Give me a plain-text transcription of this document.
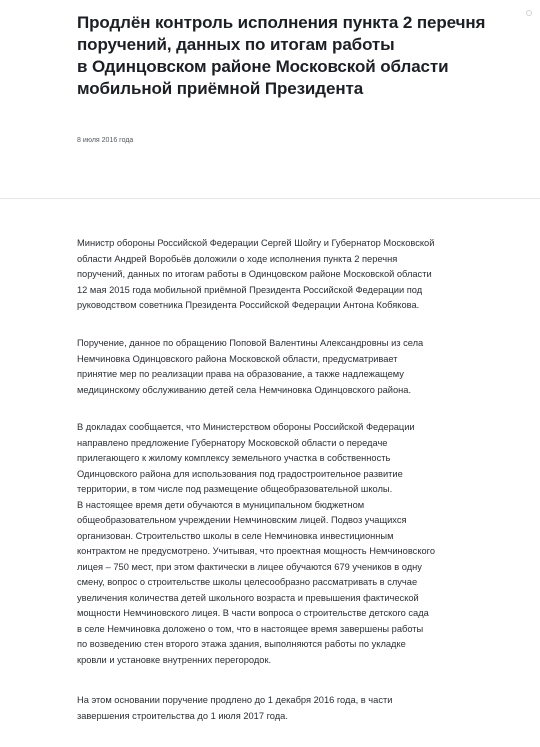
Продлён контроль исполнения пункта 2 перечня
поручений, данных по итогам работы
в Одинцовском районе Московской области
мобильной приёмной Президента
8 июля 2016 года
Министр обороны Российской Федерации Сергей Шойгу и Губернатор Московской
области Андрей Воробьёв доложили о ходе исполнения пункта 2 перечня
поручений, данных по итогам работы в Одинцовском районе Московской области
12 мая 2015 года мобильной приёмной Президента Российской Федерации под
руководством советника Президента Российской Федерации Антона Кобякова.
Поручение, данное по обращению Поповой Валентины Александровны из села
Немчиновка Одинцовского района Московской области, предусматривает
принятие мер по реализации права на образование, а также надлежащему
медицинскому обслуживанию детей села Немчиновка Одинцовского района.
В докладах сообщается, что Министерством обороны Российской Федерации
направлено предложение Губернатору Московской области о передаче
прилегающего к жилому комплексу земельного участка в собственность
Одинцовского района для использования под градостроительное развитие
территории, в том числе под размещение общеобразовательной школы.
В настоящее время дети обучаются в муниципальном бюджетном
общеобразовательном учреждении Немчиновским лицей. Подвоз учащихся
организован. Строительство школы в селе Немчиновка инвестиционным
контрактом не предусмотрено. Учитывая, что проектная мощность Немчиновского
лицея – 750 мест, при этом фактически в лицее обучаются 679 учеников в одну
смену, вопрос о строительстве школы целесообразно рассматривать в случае
увеличения количества детей школьного возраста и превышения фактической
мощности Немчиновского лицея. В части вопроса о строительстве детского сада
в селе Немчиновка доложено о том, что в настоящее время завершены работы
по возведению стен второго этажа здания, выполняются работы по укладке
кровли и установке внутренних перегородок.
На этом основании поручение продлено до 1 декабря 2016 года, в части
завершения строительства до 1 июля 2017 года.
